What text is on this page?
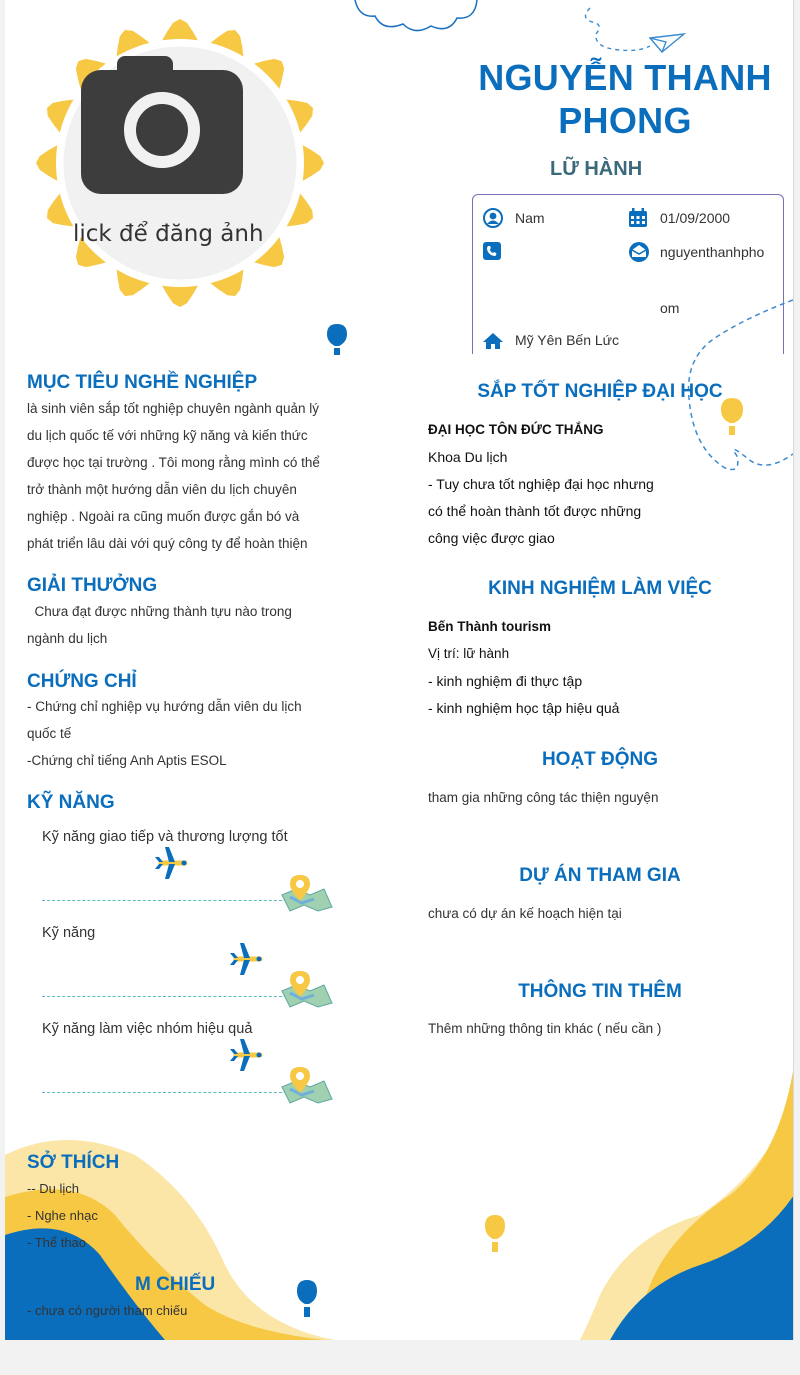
lick để đăng ảnh
NGUYỄN THANH
PHONG
LỮ HÀNH
Nam	01/09/2000
nguyenthanhpho
om
Mỹ Yên Bến Lức
MỤC TIÊU NGHỀ NGHIỆP
là sinh viên sắp tốt nghiệp chuyên ngành quản lý
du lịch quốc tế với những kỹ năng và kiến thức
được học tại trường . Tôi mong rằng mình có thể
trở thành một hướng dẫn viên du lịch chuyên
nghiệp . Ngoài ra cũng muốn được gắn bó và
phát triển lâu dài với quý công ty để hoàn thiện
GIẢI THƯỞNG
Chưa đạt được những thành tựu nào trong
ngành du lịch
CHỨNG CHỈ
- Chứng chỉ nghiệp vụ hướng dẫn viên du lịch
quốc tế
-Chứng chỉ tiếng Anh Aptis ESOL
KỸ NĂNG
SỞ THÍCH
-- Du lịch
- Nghe nhạc
- Thể thao
M CHIẾU
- chưa có người tham chiếu
SẮP TỐT NGHIỆP ĐẠI HỌC
ĐẠI HỌC TÔN ĐỨC THẮNG
Khoa Du lịch
- Tuy chưa tốt nghiệp đại học nhưng
có thể hoàn thành tốt được những
công việc được giao
KINH NGHIỆM LÀM VIỆC
Bến Thành tourism
Vị trí: lữ hành
- kinh nghiệm đi thực tập
- kinh nghiệm học tập hiệu quả
HOẠT ĐỘNG
tham gia những công tác thiện nguyện
DỰ ÁN THAM GIA
chưa có dự án kế hoạch hiện tại
THÔNG TIN THÊM
Thêm những thông tin khác ( nếu cần )
Kỹ năng giao tiếp và thương lượng tốt
Kỹ năng
Kỹ năng làm việc nhóm hiệu quả
